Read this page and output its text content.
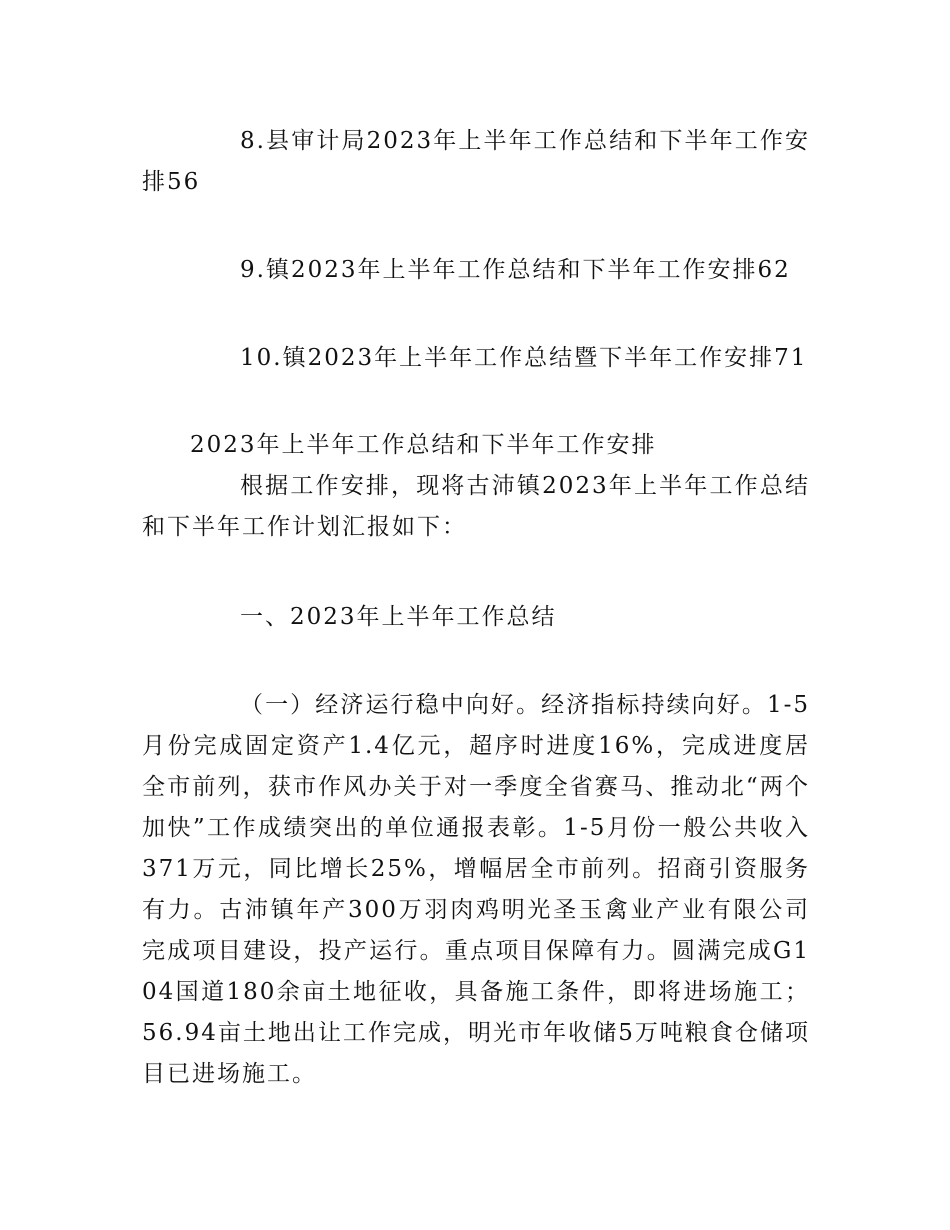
8.县审计局2023年上半年工作总结和下半年工作安排56

9.镇2023年上半年工作总结和下半年工作安排62

10.镇2023年上半年工作总结暨下半年工作安排71

2023年上半年工作总结和下半年工作安排

根据工作安排，现将古沛镇2023年上半年工作总结和下半年工作计划汇报如下：

一、2023年上半年工作总结

（一）经济运行稳中向好。经济指标持续向好。1-5月份完成固定资产1.4亿元，超序时进度16%，完成进度居全市前列，获市作风办关于对一季度全省赛马、推动北“两个加快”工作成绩突出的单位通报表彰。1-5月份一般公共收入371万元，同比增长25%，增幅居全市前列。招商引资服务有力。古沛镇年产300万羽肉鸡明光圣玉禽业产业有限公司完成项目建设，投产运行。重点项目保障有力。圆满完成G104国道180余亩土地征收，具备施工条件，即将进场施工；56.94亩土地出让工作完成，明光市年收储5万吨粮食仓储项目已进场施工。
